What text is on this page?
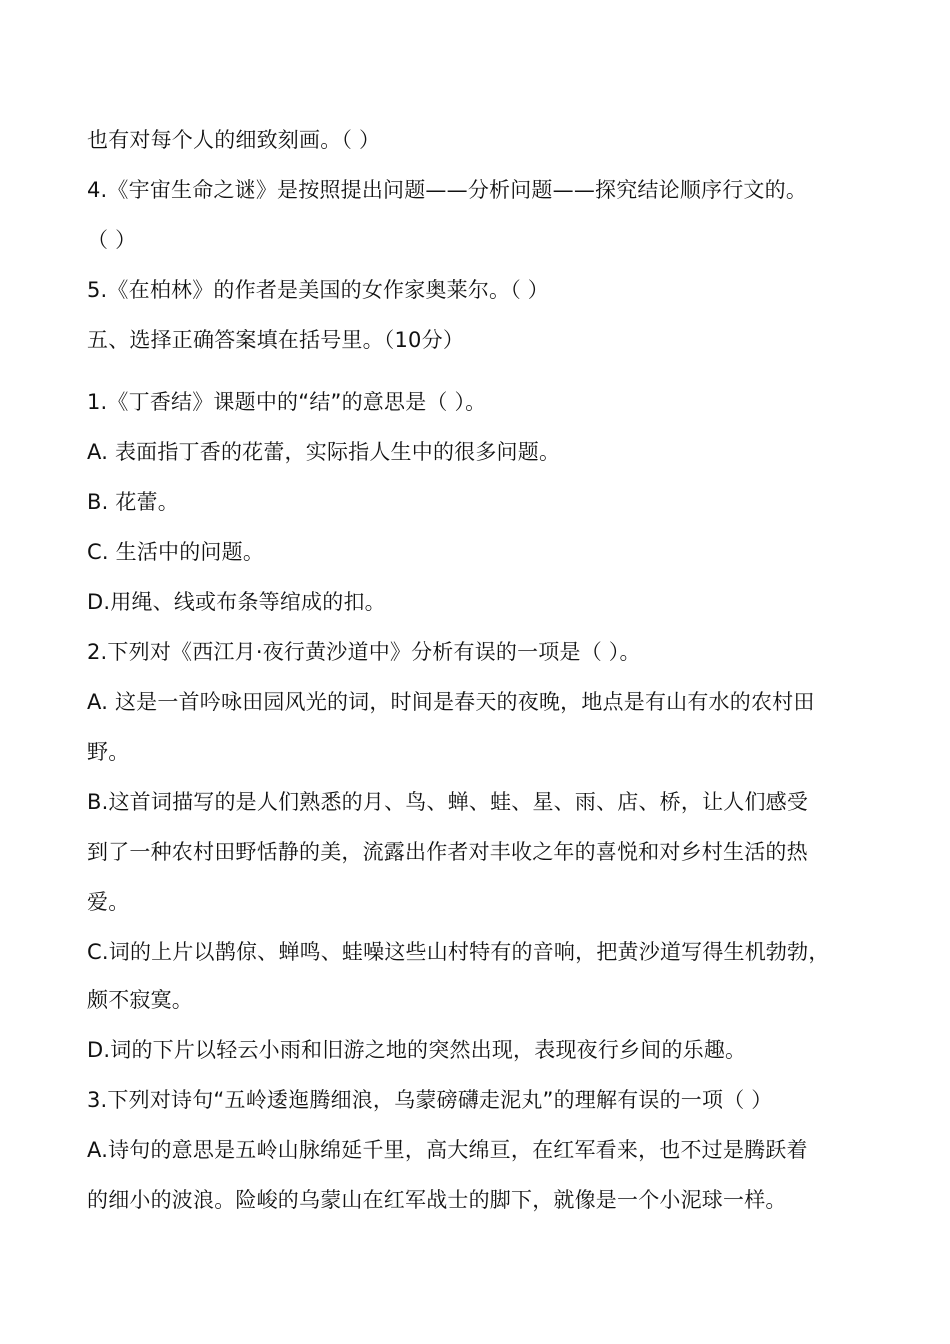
也有对每个人的细致刻画。（ ）
4.《宇宙生命之谜》是按照提出问题——分析问题——探究结论顺序行文的。
（ ）
5.《在柏林》的作者是美国的女作家奥莱尔。（ ）
五、选择正确答案填在括号里。（10分）
1.《丁香结》课题中的“结”的意思是（ ）。
A. 表面指丁香的花蕾，实际指人生中的很多问题。
B. 花蕾。
C. 生活中的问题。
D.用绳、线或布条等绾成的扣。
2.下列对《西江月·夜行黄沙道中》分析有误的一项是（ ）。
A. 这是一首吟咏田园风光的词，时间是春天的夜晚，地点是有山有水的农村田
野。
B.这首词描写的是人们熟悉的月、鸟、蝉、蛙、星、雨、店、桥，让人们感受
到了一种农村田野恬静的美，流露出作者对丰收之年的喜悦和对乡村生活的热
爱。
C.词的上片以鹊倞、蝉鸣、蛙噪这些山村特有的音响，把黄沙道写得生机勃勃，
颇不寂寞。
D.词的下片以轻云小雨和旧游之地的突然出现，表现夜行乡间的乐趣。
3.下列对诗句“五岭逶迤腾细浪，乌蒙磅礴走泥丸”的理解有误的一项（ ）
A.诗句的意思是五岭山脉绵延千里，高大绵亘，在红军看来，也不过是腾跃着
的细小的波浪。险峻的乌蒙山在红军战士的脚下，就像是一个小泥球一样。
